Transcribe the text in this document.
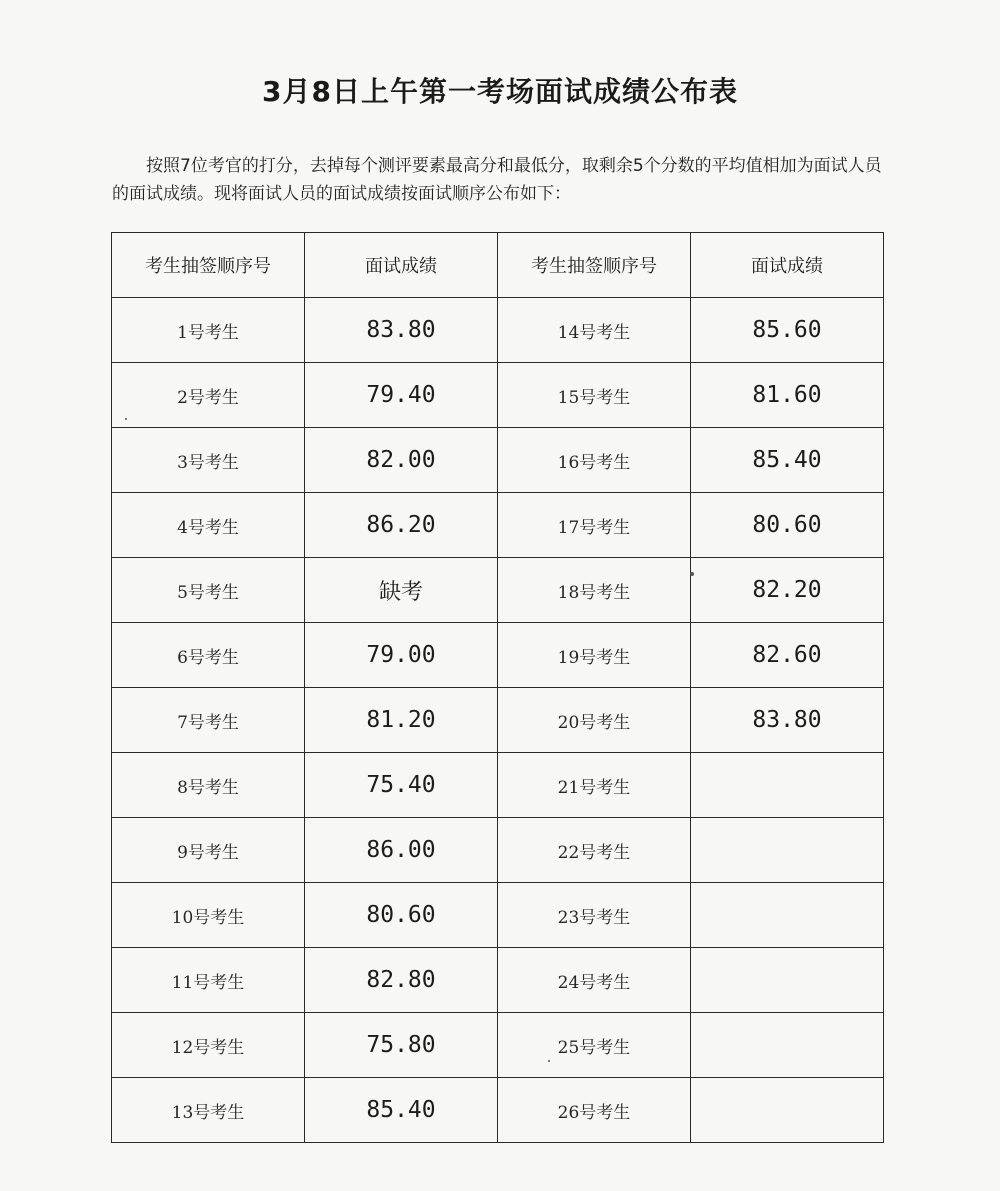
3月8日上午第一考场面试成绩公布表
按照7位考官的打分，去掉每个测评要素最高分和最低分，取剩余5个分数的平均值相加为面试人员的面试成绩。现将面试人员的面试成绩按面试顺序公布如下：
考生抽签顺序号	面试成绩	考生抽签顺序号	面试成绩
1号考生	83.80	14号考生	85.60
2号考生	79.40	15号考生	81.60
3号考生	82.00	16号考生	85.40
4号考生	86.20	17号考生	80.60
5号考生	缺考	18号考生	82.20
6号考生	79.00	19号考生	82.60
7号考生	81.20	20号考生	83.80
8号考生	75.40	21号考生	
9号考生	86.00	22号考生	
10号考生	80.60	23号考生	
11号考生	82.80	24号考生	
12号考生	75.80	25号考生	
13号考生	85.40	26号考生	
